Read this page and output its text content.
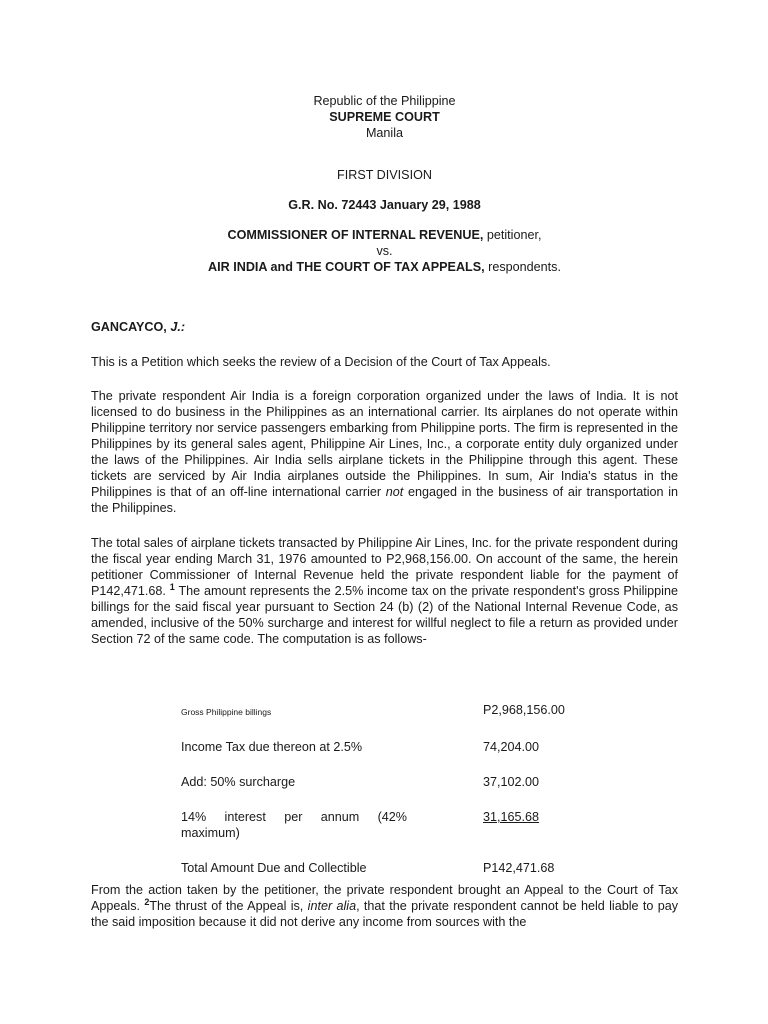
Republic of the Philippine
SUPREME COURT
Manila
FIRST DIVISION
G.R. No. 72443 January 29, 1988
COMMISSIONER OF INTERNAL REVENUE, petitioner,
vs.
AIR INDIA and THE COURT OF TAX APPEALS, respondents.

GANCAYCO, J.:

This is a Petition which seeks the review of a Decision of the Court of Tax Appeals.

The private respondent Air India is a foreign corporation organized under the laws of India. It is not licensed to do business in the Philippines as an international carrier. Its airplanes do not operate within Philippine territory nor service passengers embarking from Philippine ports. The firm is represented in the Philippines by its general sales agent, Philippine Air Lines, Inc., a corporate entity duly organized under the laws of the Philippines. Air India sells airplane tickets in the Philippine through this agent. These tickets are serviced by Air India airplanes outside the Philippines. In sum, Air India's status in the Philippines is that of an off-line international carrier not engaged in the business of air transportation in the Philippines.

The total sales of airplane tickets transacted by Philippine Air Lines, Inc. for the private respondent during the fiscal year ending March 31, 1976 amounted to P2,968,156.00. On account of the same, the herein petitioner Commissioner of Internal Revenue held the private respondent liable for the payment of P142,471.68. $^1$ The amount represents the 2.5% income tax on the private respondent's gross Philippine billings for the said fiscal year pursuant to Section 24 (b) (2) of the National Internal Revenue Code, as amended, inclusive of the 50% surcharge and interest for willful neglect to file a return as provided under Section 72 of the same code. The computation is as follows-

Gross Philippine billings	P2,968,156.00

Income Tax due thereon at 2.5%	74,204.00

Add: 50% surcharge	37,102.00

14% interest per annum (42% maximum)	31,165.68

Total Amount Due and Collectible	P142,471.68

From the action taken by the petitioner, the private respondent brought an Appeal to the Court of Tax Appeals. $^2$The thrust of the Appeal is, inter alia, that the private respondent cannot be held liable to pay the said imposition because it did not derive any income from sources with the
